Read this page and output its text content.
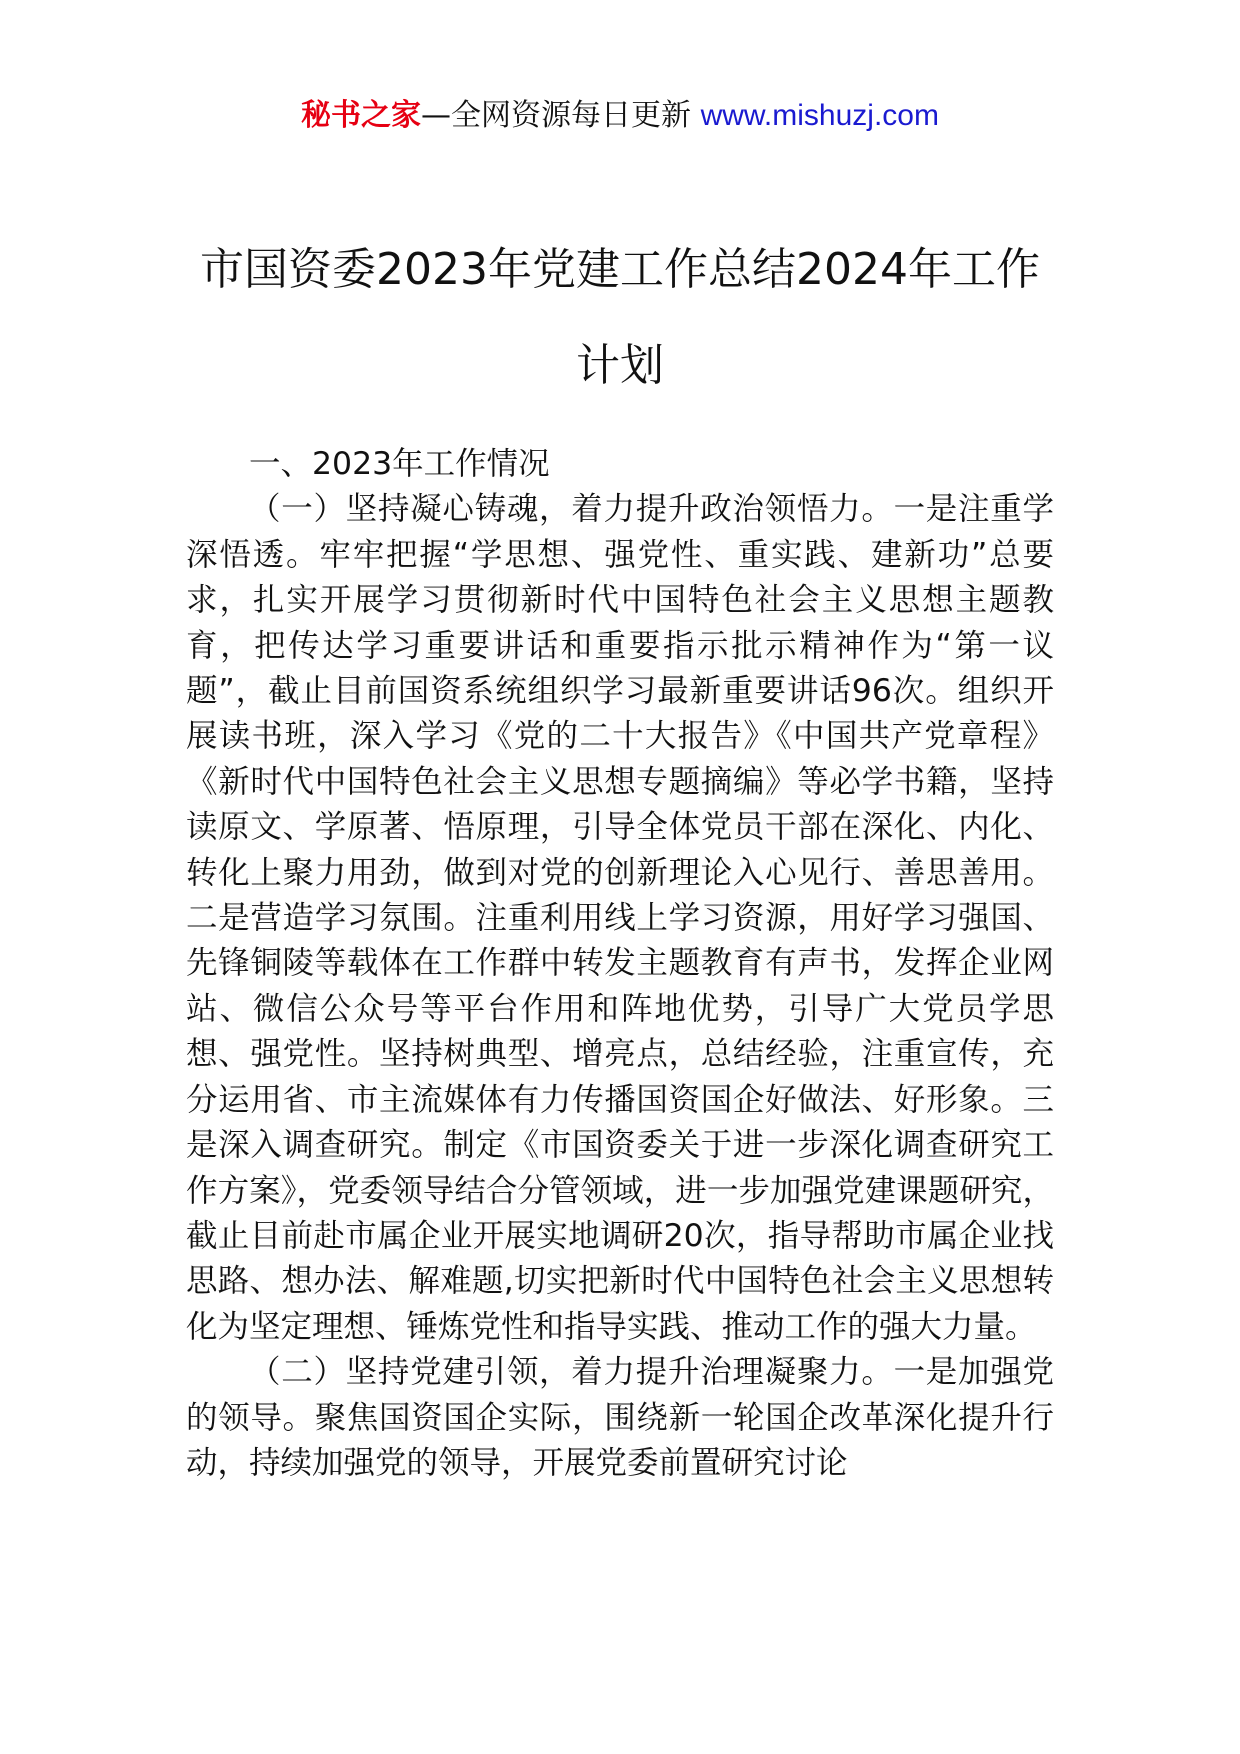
秘书之家—全网资源每日更新 www.mishuzj.com
市国资委2023年党建工作总结2024年工作计划

一、2023年工作情况

（一）坚持凝心铸魂，着力提升政治领悟力。一是注重学深悟透。牢牢把握“学思想、强党性、重实践、建新功”总要求，扎实开展学习贯彻新时代中国特色社会主义思想主题教育，把传达学习重要讲话和重要指示批示精神作为“第一议题”，截止目前国资系统组织学习最新重要讲话96次。组织开展读书班，深入学习《党的二十大报告》《中国共产党章程》《新时代中国特色社会主义思想专题摘编》等必学书籍，坚持读原文、学原著、悟原理，引导全体党员干部在深化、内化、转化上聚力用劲，做到对党的创新理论入心见行、善思善用。二是营造学习氛围。注重利用线上学习资源，用好学习强国、先锋铜陵等载体在工作群中转发主题教育有声书，发挥企业网站、微信公众号等平台作用和阵地优势，引导广大党员学思想、强党性。坚持树典型、增亮点，总结经验，注重宣传，充分运用省、市主流媒体有力传播国资国企好做法、好形象。三是深入调查研究。制定《市国资委关于进一步深化调查研究工作方案》，党委领导结合分管领域，进一步加强党建课题研究，截止目前赴市属企业开展实地调研20次，指导帮助市属企业找思路、想办法、解难题,切实把新时代中国特色社会主义思想转化为坚定理想、锤炼党性和指导实践、推动工作的强大力量。

（二）坚持党建引领，着力提升治理凝聚力。一是加强党的领导。聚焦国资国企实际，围绕新一轮国企改革深化提升行动，持续加强党的领导，开展党委前置研究讨论
